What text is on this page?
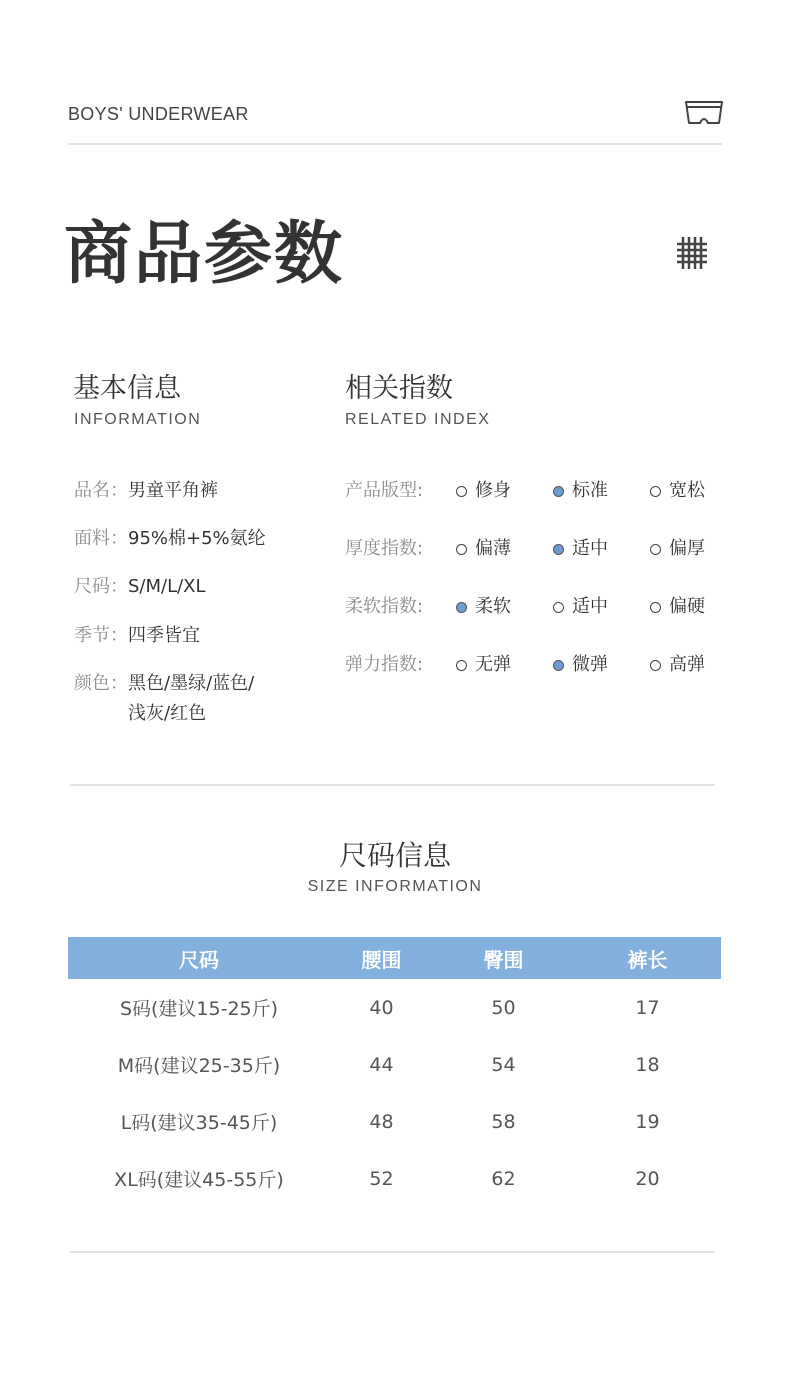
BOYS' UNDERWEAR
商品参数
基本信息
INFORMATION
品名： 男童平角裤
面料： 95%棉+5%氨纶
尺码： S/M/L/XL
季节： 四季皆宜
颜色： 黑色/墨绿/蓝色/
浅灰/红色
相关指数
RELATED INDEX
产品版型:	修身	标准	宽松
厚度指数:	偏薄	适中	偏厚
柔软指数:	柔软	适中	偏硬
弹力指数:	无弹	微弹	高弹
尺码信息
SIZE INFORMATION
尺码	腰围	臀围	裤长
S码(建议15-25斤)	40	50	17
M码(建议25-35斤)	44	54	18
L码(建议35-45斤)	48	58	19
XL码(建议45-55斤)	52	62	20
